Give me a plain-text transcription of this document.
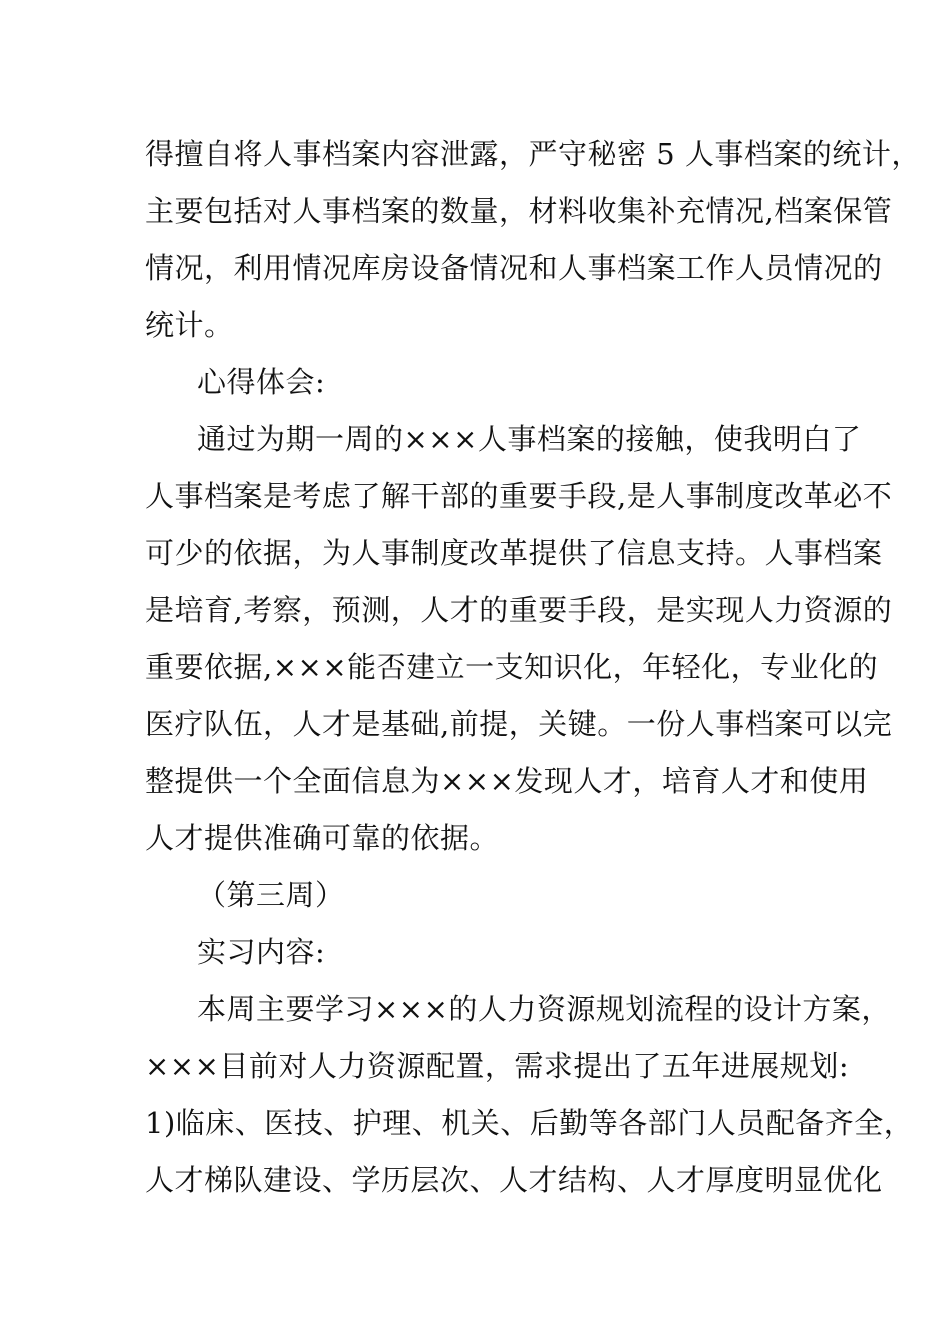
得擅自将人事档案内容泄露，严守秘密 5 人事档案的统计，
主要包括对人事档案的数量，材料收集补充情况,档案保管
情况，利用情况库房设备情况和人事档案工作人员情况的
统计。
心得体会:
通过为期一周的×××人事档案的接触，使我明白了
人事档案是考虑了解干部的重要手段,是人事制度改革必不
可少的依据，为人事制度改革提供了信息支持。人事档案
是培育,考察，预测，人才的重要手段，是实现人力资源的
重要依据,×××能否建立一支知识化，年轻化，专业化的
医疗队伍，人才是基础,前提，关键。一份人事档案可以完
整提供一个全面信息为×××发现人才，培育人才和使用
人才提供准确可靠的依据。
（第三周）
实习内容:
本周主要学习×××的人力资源规划流程的设计方案，
×××目前对人力资源配置，需求提出了五年进展规划:
1)临床、医技、护理、机关、后勤等各部门人员配备齐全，
人才梯队建设、学历层次、人才结构、人才厚度明显优化
